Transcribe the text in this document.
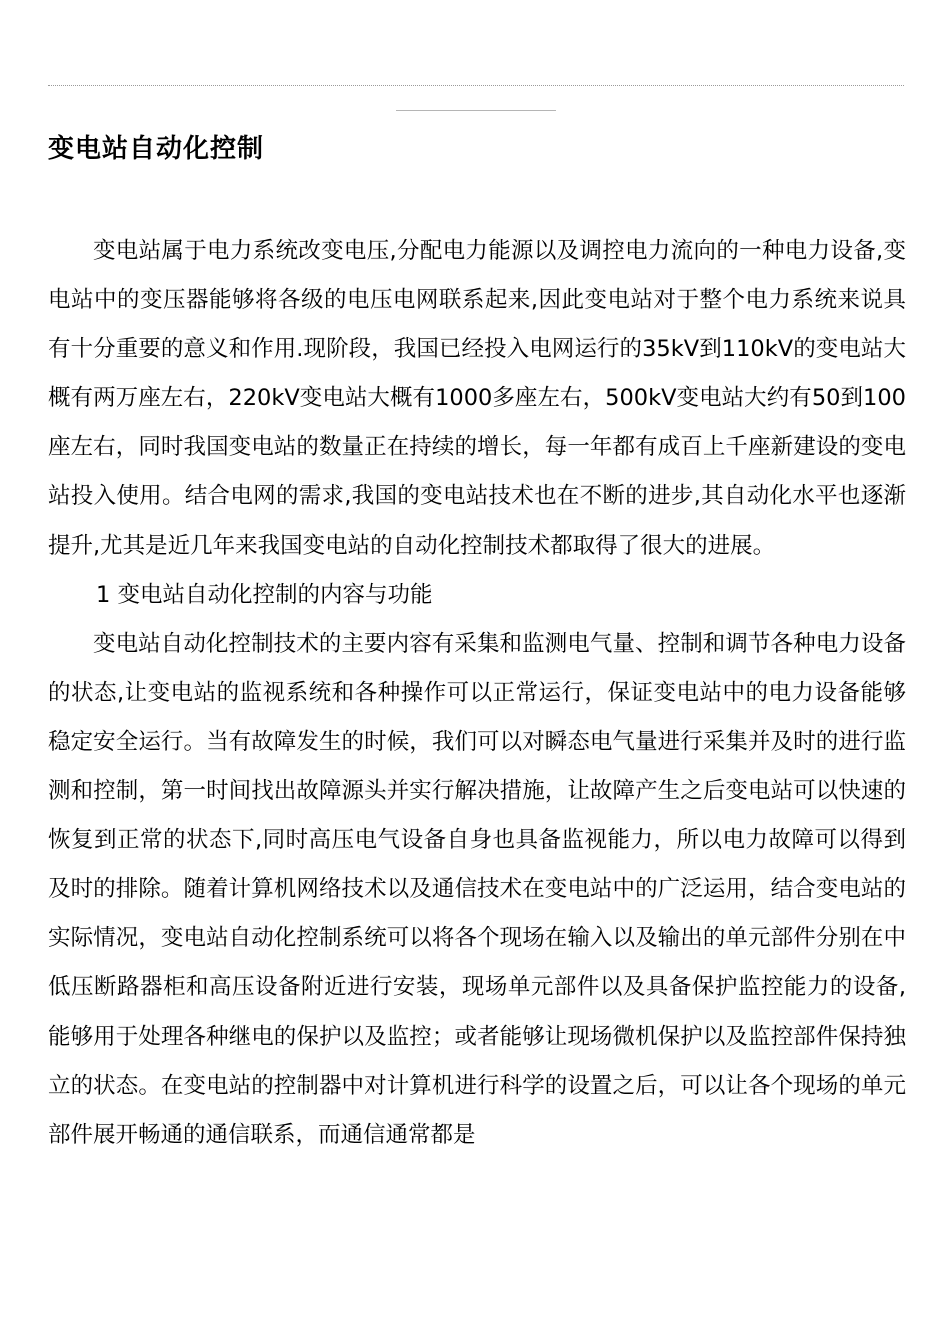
变电站自动化控制

变电站属于电力系统改变电压,分配电力能源以及调控电力流向的一种电力设备,变电站中的变压器能够将各级的电压电网联系起来,因此变电站对于整个电力系统来说具有十分重要的意义和作用.现阶段，我国已经投入电网运行的35kV到110kV的变电站大概有两万座左右，220kV变电站大概有1000多座左右，500kV变电站大约有50到100座左右，同时我国变电站的数量正在持续的增长，每一年都有成百上千座新建设的变电站投入使用。结合电网的需求,我国的变电站技术也在不断的进步,其自动化水平也逐渐提升,尤其是近几年来我国变电站的自动化控制技术都取得了很大的进展。

1 变电站自动化控制的内容与功能

变电站自动化控制技术的主要内容有采集和监测电气量、控制和调节各种电力设备的状态,让变电站的监视系统和各种操作可以正常运行，保证变电站中的电力设备能够稳定安全运行。当有故障发生的时候，我们可以对瞬态电气量进行采集并及时的进行监测和控制，第一时间找出故障源头并实行解决措施，让故障产生之后变电站可以快速的恢复到正常的状态下,同时高压电气设备自身也具备监视能力，所以电力故障可以得到及时的排除。随着计算机网络技术以及通信技术在变电站中的广泛运用，结合变电站的实际情况，变电站自动化控制系统可以将各个现场在输入以及输出的单元部件分别在中低压断路器柜和高压设备附近进行安装，现场单元部件以及具备保护监控能力的设备,能够用于处理各种继电的保护以及监控；或者能够让现场微机保护以及监控部件保持独立的状态。在变电站的控制器中对计算机进行科学的设置之后，可以让各个现场的单元部件展开畅通的通信联系，而通信通常都是
